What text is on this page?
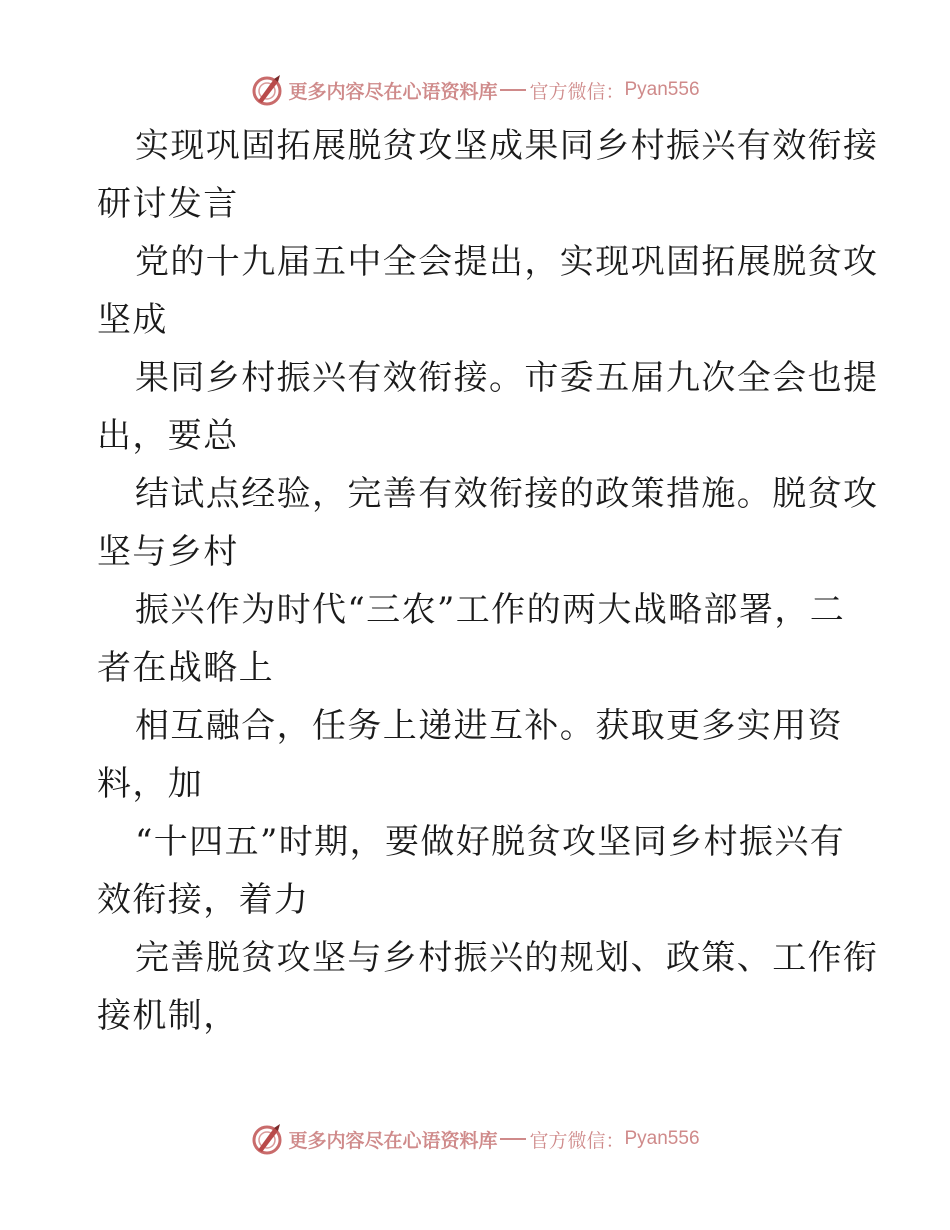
更多内容尽在心语资料库 官方微信： Pyan556
实现巩固拓展脱贫攻坚成果同乡村振兴有效衔接
研讨发言
党的十九届五中全会提出，实现巩固拓展脱贫攻
坚成
果同乡村振兴有效衔接。市委五届九次全会也提
出，要总
结试点经验，完善有效衔接的政策措施。脱贫攻
坚与乡村
振兴作为时代“三农”工作的两大战略部署，二
者在战略上
相互融合，任务上递进互补。获取更多实用资
料，加
“十四五”时期，要做好脱贫攻坚同乡村振兴有
效衔接，着力
完善脱贫攻坚与乡村振兴的规划、政策、工作衔
接机制，
更多内容尽在心语资料库 官方微信： Pyan556
